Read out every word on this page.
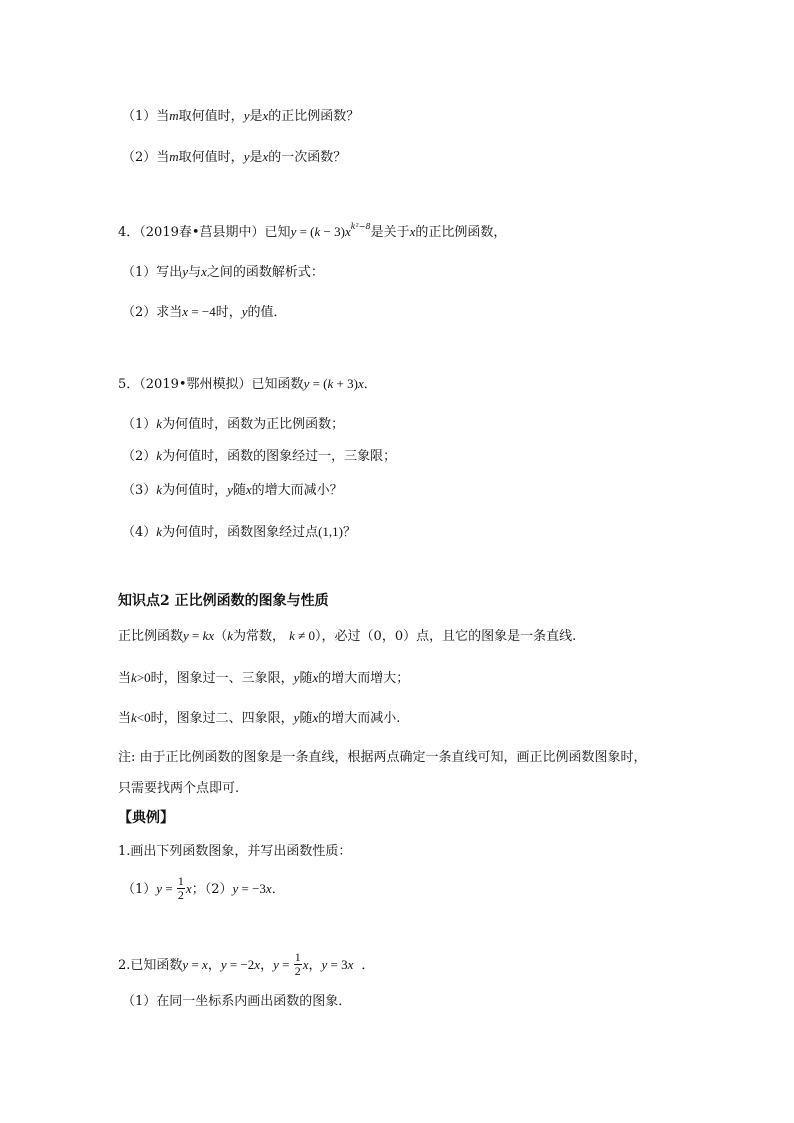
（1）当m取何值时，y是x的正比例函数？
（2）当m取何值时，y是x的一次函数？
4．（2019春•莒县期中）已知$y = (k - 3)x^{k^2-8}$是关于x的正比例函数，
（1）写出y与x之间的函数解析式：
（2）求当x = −4时，y的值．
5．（2019•鄂州模拟）已知函数y = (k + 3)x．
（1）k为何值时，函数为正比例函数；
（2）k为何值时，函数的图象经过一，三象限；
（3）k为何值时，y随x的增大而减小？
（4）k为何值时，函数图象经过点(1,1)？
知识点2 正比例函数的图象与性质
正比例函数y = kx（k为常数， k ≠ 0），必过（0，0）点，且它的图象是一条直线.
当k>0时，图象过一、三象限，y随x的增大而增大；
当k<0时，图象过二、四象限，y随x的增大而减小.
注: 由于正比例函数的图象是一条直线，根据两点确定一条直线可知，画正比例函数图象时，
只需要找两个点即可.
【典例】
1.画出下列函数图象，并写出函数性质：
$(1)y = \frac{1}{2}$ x；（2）y = −3x．
2.已知函数y = x，y = −2x，$y = \frac{1}{2}$ x，y = 3x ．
（1）在同一坐标系内画出函数的图象．
